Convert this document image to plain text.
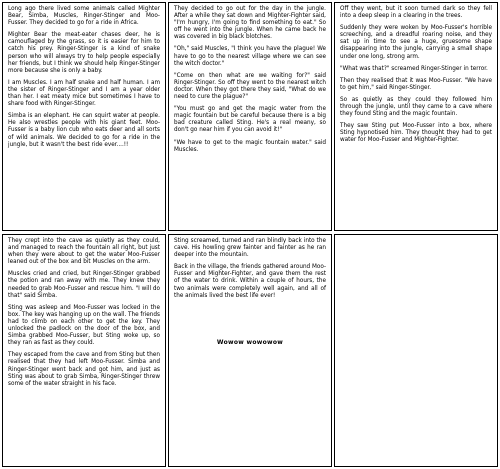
Long ago there lived some animals called Mighter Bear, Simba, Muscles, Ringer-Stinger and Moo-Fusser. They decided to go for a ride in Africa.

Mighter Bear the meat-eater chases deer, he is camouflaged by the grass, so it is easier for him to catch his prey. Ringer-Stinger is a kind of snake person who will always try to help people especially her friends, but I think we should help Ringer-Stinger more because she is only a baby.

I am Muscles. I am half snake and half human. I am the sister of Ringer-Stinger and I am a year older than her. I eat meaty mice but sometimes I have to share food with Ringer-Stinger.

Simba is an elephant. He can squirt water at people. He also wrestles people with his giant feet. Moo-Fusser is a baby lion cub who eats deer and all sorts of wild animals. We decided to go for a ride in the jungle, but it wasn't the best ride ever....!!

They decided to go out for the day in the jungle. After a while they sat down and Mighter-Fighter said, "I'm hungry, I'm going to find something to eat." So off he went into the jungle. When he came back he was covered in big black blotches.

"Oh," said Muscles, "I think you have the plague! We have to go to the nearest village where we can see the witch doctor."

"Come on then what are we waiting for?" said Ringer-Stinger. So off they went to the nearest witch doctor. When they got there they said, "What do we need to cure the plague?"

"You must go and get the magic water from the magic fountain but be careful because there is a big bad creature called Sting. He's a real meany, so don't go near him if you can avoid it!"

"We have to get to the magic fountain water." said Muscles.

Off they went, but it soon turned dark so they fell into a deep sleep in a clearing in the trees.

Suddenly they were woken by Moo-Fusser's horrible screeching, and a dreadful roaring noise, and they sat up in time to see a huge, gruesome shape disappearing into the jungle, carrying a small shape under one long, strong arm.

"What was that?" screamed Ringer-Stinger in terror.

Then they realised that it was Moo-Fusser. "We have to get him," said Ringer-Stinger.

So as quietly as they could they followed him through the jungle, until they came to a cave where they found Sting and the magic fountain.

They saw Sting put Moo-Fusser into a box, where Sting hypnotised him. They thought they had to get water for Moo-Fusser and Mighter-Fighter.

They crept into the cave as quietly as they could, and managed to reach the fountain all right, but just when they were about to get the water Moo-Fusser leaned out of the box and bit Muscles on the arm.

Muscles cried and cried, but Ringer-Stinger grabbed the potion and ran away with me. They knew they needed to grab Moo-Fusser and rescue him. "I will do that" said Simba.

Sting was asleep and Moo-Fusser was locked in the box. The key was hanging up on the wall. The friends had to climb on each other to get the key. They unlocked the padlock on the door of the box, and Simba grabbed Moo-Fusser, but Sting woke up, so they ran as fast as they could.

They escaped from the cave and from Sting but then realised that they had left Moo-Fusser. Simba and Ringer-Stinger went back and got him, and just as Sting was about to grab Simba, Ringer-Stinger threw some of the water straight in his face.

Sting screamed, turned and ran blindly back into the cave. His howling grew fainter and fainter as he ran deeper into the mountain.

Back in the village, the friends gathered around Moo-Fusser and Mighter-Fighter, and gave them the rest of the water to drink. Within a couple of hours, the two animals were completely well again, and all of the animals lived the best life ever!

Wowow wowowow
